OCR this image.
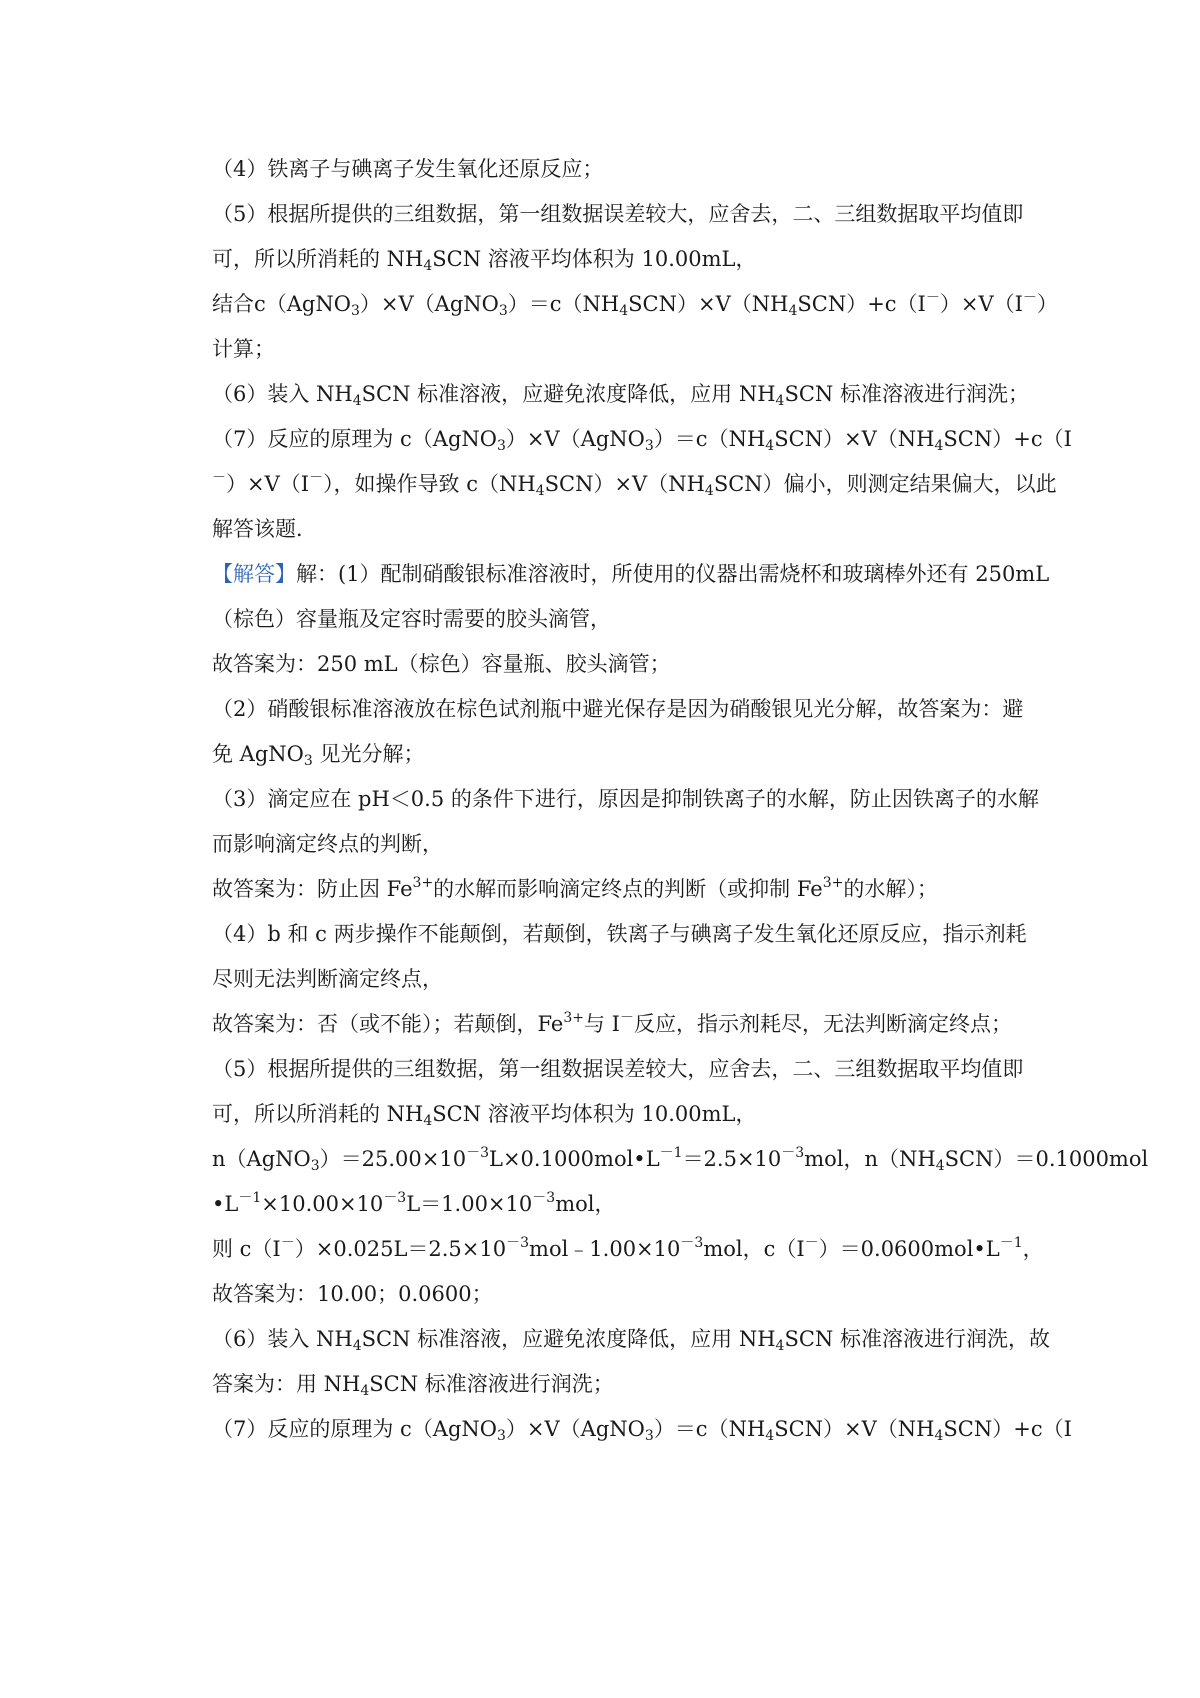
（4）铁离子与碘离子发生氧化还原反应；
（5）根据所提供的三组数据，第一组数据误差较大，应舍去，二、三组数据取平均值即
可，所以所消耗的 $NH_4SCN$ 溶液平均体积为 10.00mL，
结合 $c(AgNO_3)\times V(AgNO_3)=c(NH_4SCN)\times V(NH_4SCN)+c(I^-)\times V(I^-)$
计算；
（6）装入 $NH_4SCN$ 标准溶液，应避免浓度降低，应用 $NH_4SCN$ 标准溶液进行润洗；
（7）反应的原理为 $c(AgNO_3)\times V(AgNO_3)=c(NH_4SCN)\times V(NH_4SCN)+c(I$
－）×V（I－），如操作导致 $c(NH_4SCN)\times V(NH_4SCN)$偏小，则测定结果偏大，以此
解答该题．
【解答】解：(1）配制硝酸银标准溶液时，所使用的仪器出需烧杯和玻璃棒外还有 250mL
（棕色）容量瓶及定容时需要的胶头滴管，
故答案为：250 mL（棕色）容量瓶、胶头滴管；
（2）硝酸银标准溶液放在棕色试剂瓶中避光保存是因为硝酸银见光分解，故答案为：避
免 AgNO$_3$ 见光分解；
（3）滴定应在 pH＜0.5 的条件下进行，原因是抑制铁离子的水解，防止因铁离子的水解
而影响滴定终点的判断，
故答案为：防止因 $Fe^{3+}$的水解而影响滴定终点的判断（或抑制 $Fe^{3+}$的水解）；
（4）b 和 c 两步操作不能颠倒，若颠倒，铁离子与碘离子发生氧化还原反应，指示剂耗
尽则无法判断滴定终点，
故答案为：否（或不能）；若颠倒，$Fe^{3+}$与 I－反应，指示剂耗尽，无法判断滴定终点；
（5）根据所提供的三组数据，第一组数据误差较大，应舍去，二、三组数据取平均值即
可，所以所消耗的 $NH_4SCN$ 溶液平均体积为 10.00mL，
$n(AgNO_3)=25.00\times 10^{-3}L\times 0.1000mol•L^{-1}=2.5\times 10^{-3}mol$，$n(NH_4SCN)=0.1000mol$
$•L^{-1}\times 10.00\times 10^{-3}L=1.00\times 10^{-3}mol$，
则 $c(I^-)\times 0.025L=2.5\times 10^{-3}mol﹣1.00\times 10^{-3}mol$，$c(I^-)=0.0600mol•L^{-1}$，
故答案为：10.00；0.0600；
（6）装入 $NH_4SCN$ 标准溶液，应避免浓度降低，应用 $NH_4SCN$ 标准溶液进行润洗，故
答案为：用 $NH_4SCN$ 标准溶液进行润洗；
（7）反应的原理为 $c(AgNO_3)\times V(AgNO_3)=c(NH_4SCN)\times V(NH_4SCN)+c(I$
